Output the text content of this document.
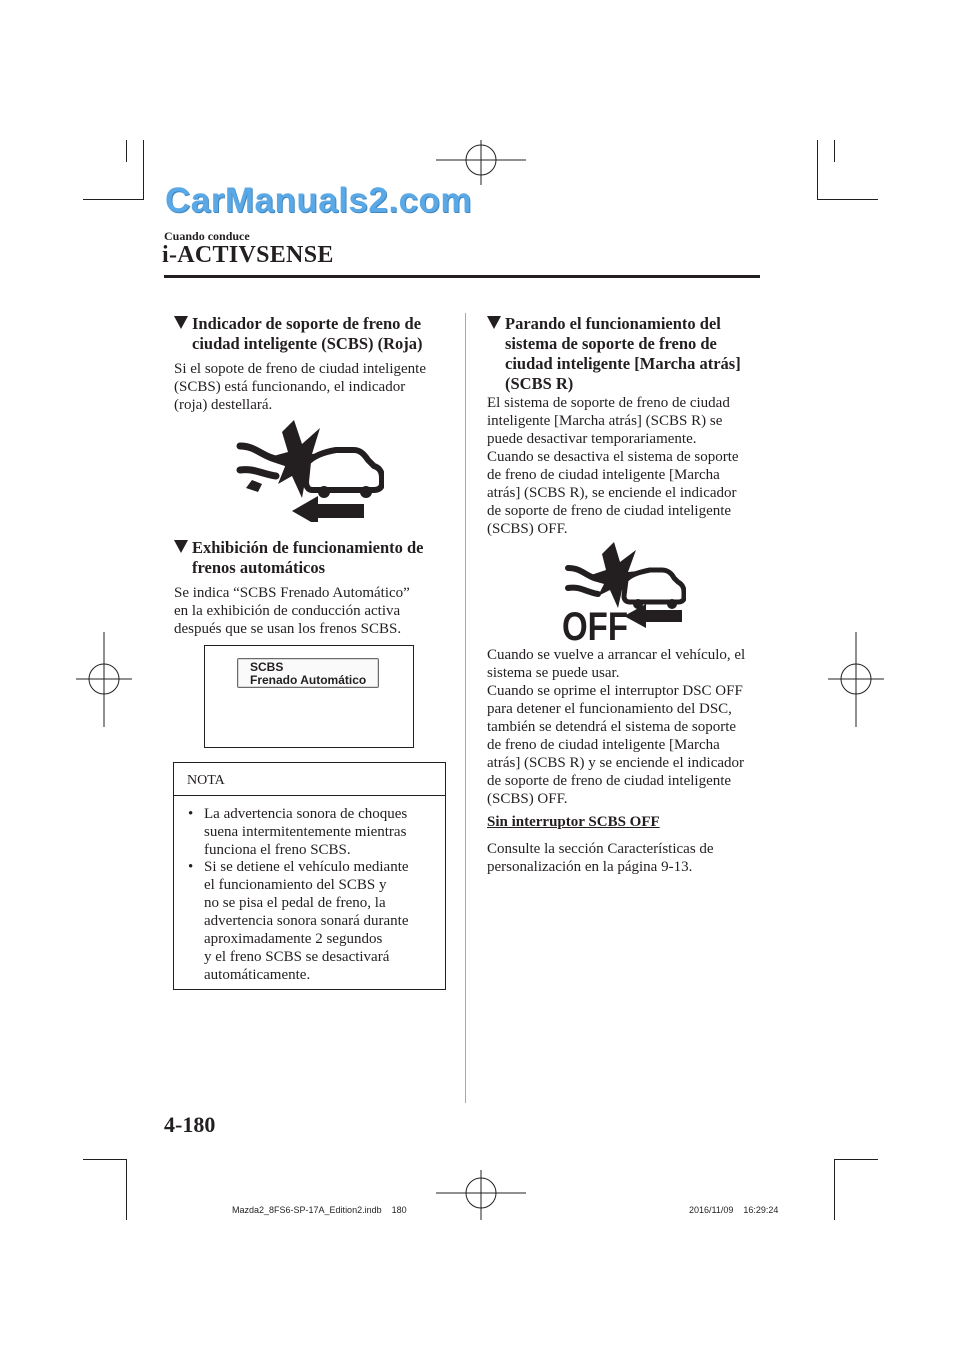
CarManuals2.com
Cuando conduce
i-ACTIVSENSE
Indicador de soporte de freno de
ciudad inteligente (SCBS) (Roja)

Si el sopote de freno de ciudad inteligente
(SCBS) está funcionando, el indicador
(roja) destellará.

Exhibición de funcionamiento de
frenos automáticos

Se indica “SCBS Frenado Automático”
en la exhibición de conducción activa
después que se usan los frenos SCBS.

SCBS
Frenado Automático
NOTA
• La advertencia sonora de choques
suena intermitentemente mientras
funciona el freno SCBS.
• Si se detiene el vehículo mediante
el funcionamiento del SCBS y
no se pisa el pedal de freno, la
advertencia sonora sonará durante
aproximadamente 2 segundos
y el freno SCBS se desactivará
automáticamente.
Parando el funcionamiento del
sistema de soporte de freno de
ciudad inteligente [Marcha atrás]
(SCBS R)

El sistema de soporte de freno de ciudad
inteligente [Marcha atrás] (SCBS R) se
puede desactivar temporariamente.
Cuando se desactiva el sistema de soporte
de freno de ciudad inteligente [Marcha
atrás] (SCBS R), se enciende el indicador
de soporte de freno de ciudad inteligente
(SCBS) OFF.

OFF

Cuando se vuelve a arrancar el vehículo, el
sistema se puede usar.
Cuando se oprime el interruptor DSC OFF
para detener el funcionamiento del DSC,
también se detendrá el sistema de soporte
de freno de ciudad inteligente [Marcha
atrás] (SCBS R) y se enciende el indicador
de soporte de freno de ciudad inteligente
(SCBS) OFF.

Sin interruptor SCBS OFF

Consulte la sección Características de
personalización en la página 9-13.

4-180
Mazda2_8FS6-SP-17A_Edition2.indb    180	2016/11/09    16:29:24
